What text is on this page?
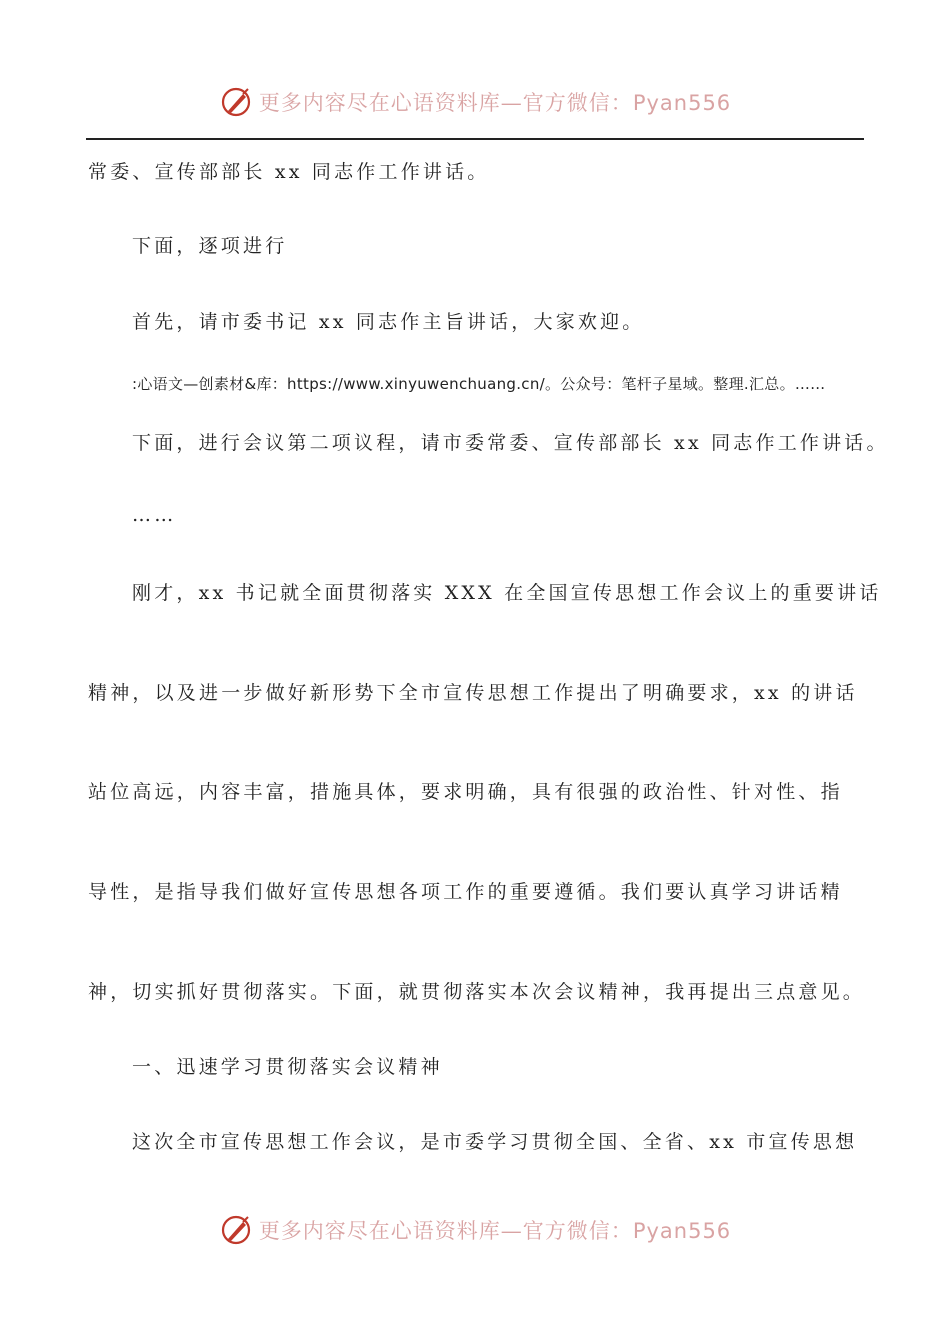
更多内容尽在心语资料库—官方微信：Pyan556
常委、宣传部部长 xx 同志作工作讲话。
下面，逐项进行
首先，请市委书记 xx 同志作主旨讲话，大家欢迎。
:心语文—创素材&库：https://www.xinyuwenchuang.cn/。公众号：笔杆子星域。整理.汇总。……
下面，进行会议第二项议程，请市委常委、宣传部部长 xx 同志作工作讲话。
……
刚才，xx 书记就全面贯彻落实 XXX 在全国宣传思想工作会议上的重要讲话
精神，以及进一步做好新形势下全市宣传思想工作提出了明确要求，xx 的讲话
站位高远，内容丰富，措施具体，要求明确，具有很强的政治性、针对性、指
导性，是指导我们做好宣传思想各项工作的重要遵循。我们要认真学习讲话精
神，切实抓好贯彻落实。下面，就贯彻落实本次会议精神，我再提出三点意见。
一、迅速学习贯彻落实会议精神
这次全市宣传思想工作会议，是市委学习贯彻全国、全省、xx 市宣传思想
更多内容尽在心语资料库—官方微信：Pyan556
